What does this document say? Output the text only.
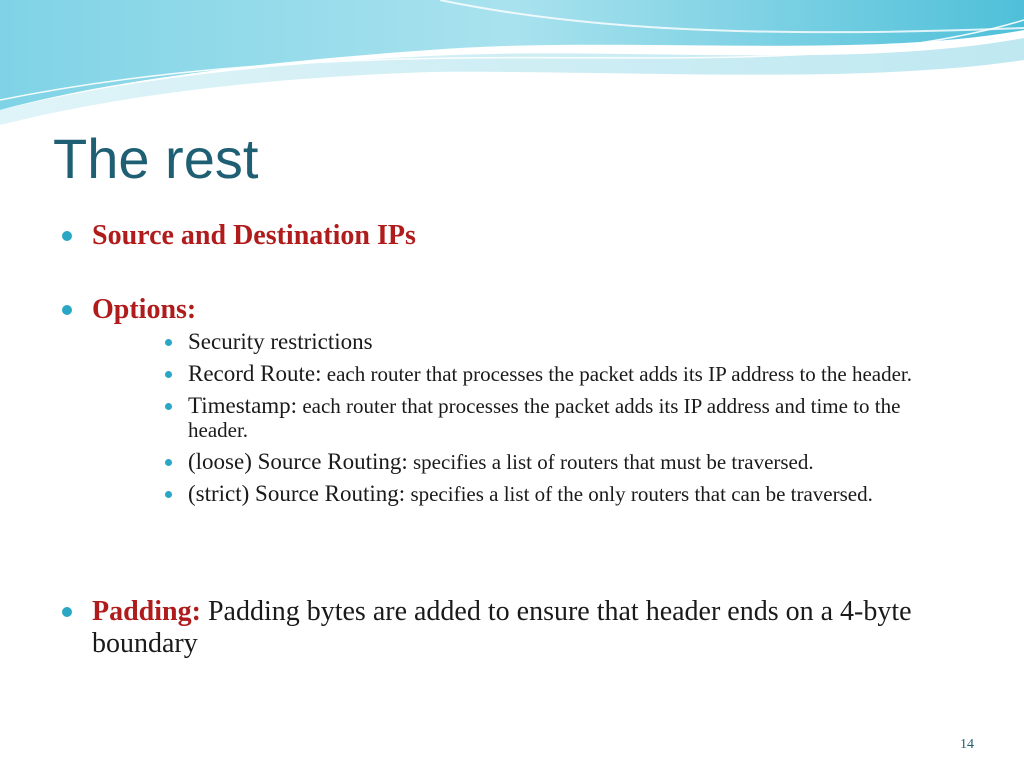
The rest
Source and Destination IPs
Options:
Security restrictions
Record Route: each router that processes the packet adds its IP address to the header.
Timestamp: each router that processes the packet adds its IP address and time to the header.
(loose) Source Routing: specifies a list of routers that must be traversed.
(strict) Source Routing: specifies a list of the only routers that can be traversed.
Padding: Padding bytes are added to ensure that header ends on a 4-byte boundary
14
